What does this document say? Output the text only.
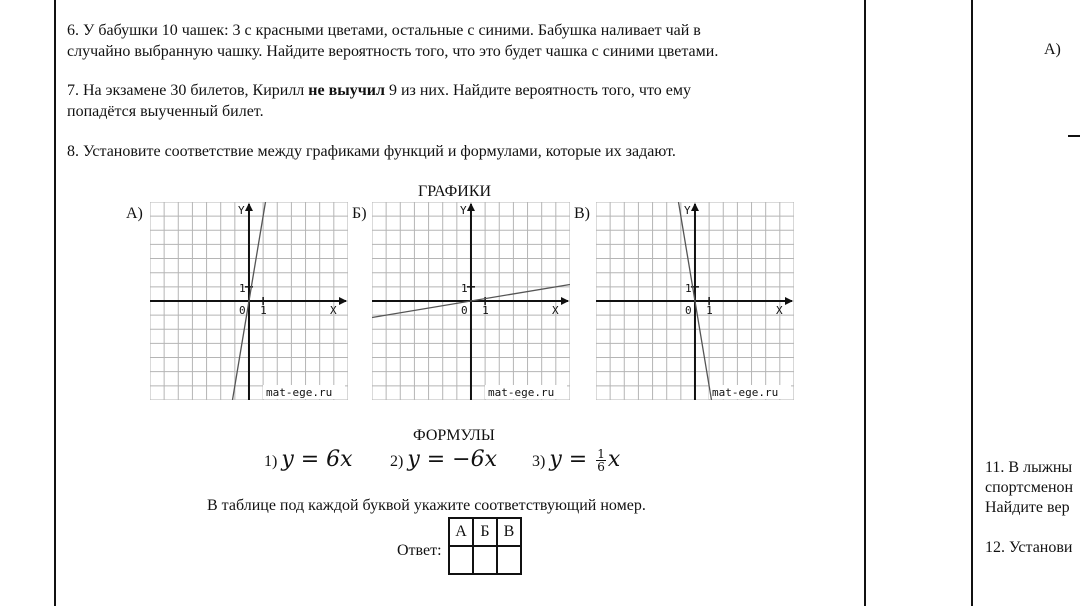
6. У бабушки 10 чашек: 3 с красными цветами, остальные с синими. Бабушка наливает чай в
случайно выбранную чашку. Найдите вероятность того, что это будет чашка с синими цветами.
7. На экзамене 30 билетов, Кирилл не выучил 9 из них. Найдите вероятность того, что ему
попадётся выученный билет.
8. Установите соответствие между графиками функций и формулами, которые их задают.
ГРАФИКИ
А)	Б)	В)
Y
X
1
1
0
mat-ege.ru
Y
X
1
1
0
mat-ege.ru
Y
X
1
1
0
mat-ege.ru
ФОРМУЛЫ
1) y = 6x 2) y = −6x 3) $y = \frac{1}{6}$ x
В таблице под каждой буквой укажите соответствующий номер.
Ответ:
А	Б	В

А)
11. В лыжны
спортсменон
Найдите вер
12. Установи
